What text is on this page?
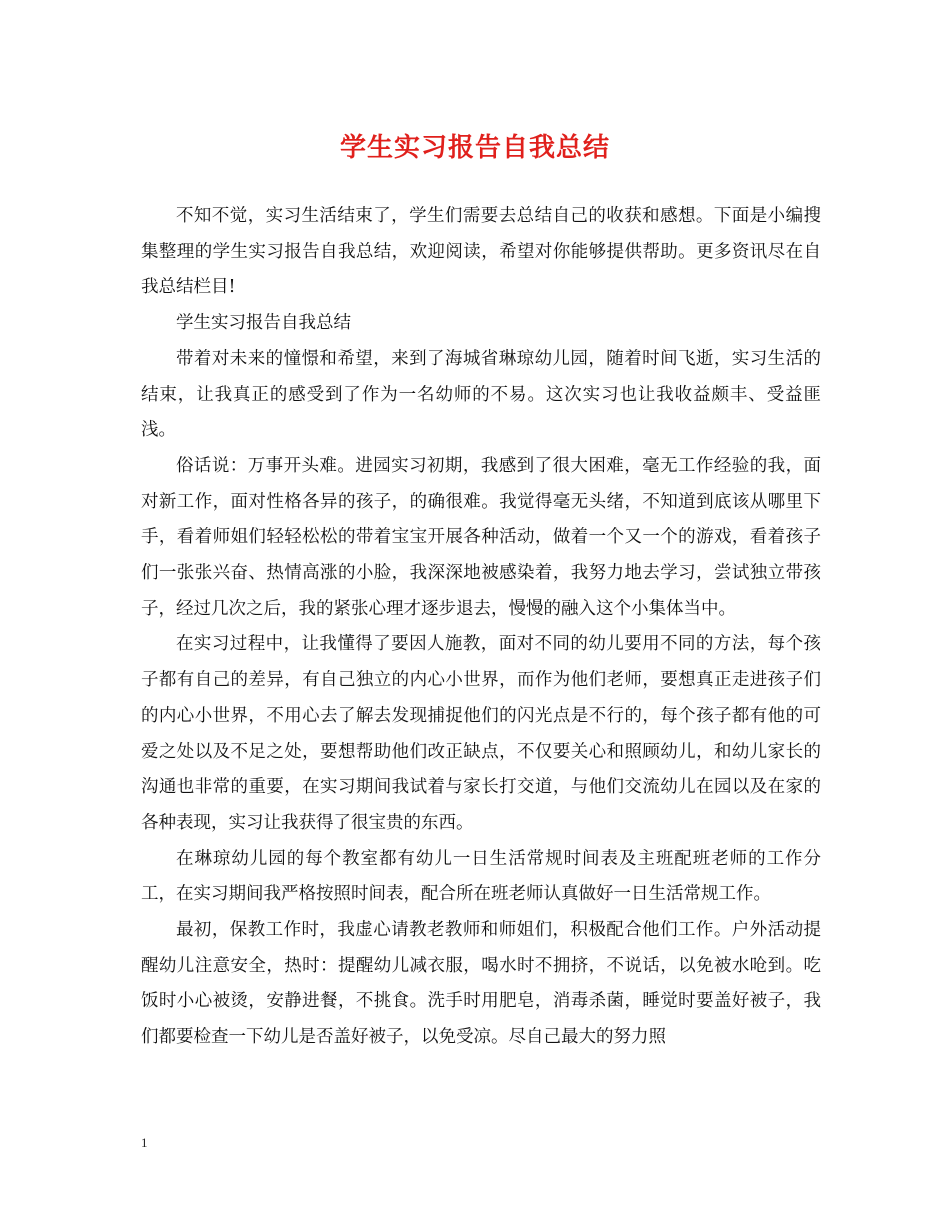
学生实习报告自我总结

不知不觉，实习生活结束了，学生们需要去总结自己的收获和感想。下面是小编搜集整理的学生实习报告自我总结，欢迎阅读，希望对你能够提供帮助。更多资讯尽在自我总结栏目!

学生实习报告自我总结

带着对未来的憧憬和希望，来到了海城省琳琼幼儿园，随着时间飞逝，实习生活的结束，让我真正的感受到了作为一名幼师的不易。这次实习也让我收益颇丰、受益匪浅。

俗话说：万事开头难。进园实习初期，我感到了很大困难，毫无工作经验的我，面对新工作，面对性格各异的孩子，的确很难。我觉得毫无头绪，不知道到底该从哪里下手，看着师姐们轻轻松松的带着宝宝开展各种活动，做着一个又一个的游戏，看着孩子们一张张兴奋、热情高涨的小脸，我深深地被感染着，我努力地去学习，尝试独立带孩子，经过几次之后，我的紧张心理才逐步退去，慢慢的融入这个小集体当中。

在实习过程中，让我懂得了要因人施教，面对不同的幼儿要用不同的方法，每个孩子都有自己的差异，有自己独立的内心小世界，而作为他们老师，要想真正走进孩子们的内心小世界，不用心去了解去发现捕捉他们的闪光点是不行的，每个孩子都有他的可爱之处以及不足之处，要想帮助他们改正缺点，不仅要关心和照顾幼儿，和幼儿家长的沟通也非常的重要，在实习期间我试着与家长打交道，与他们交流幼儿在园以及在家的各种表现，实习让我获得了很宝贵的东西。

在琳琼幼儿园的每个教室都有幼儿一日生活常规时间表及主班配班老师的工作分工，在实习期间我严格按照时间表，配合所在班老师认真做好一日生活常规工作。

最初，保教工作时，我虚心请教老教师和师姐们，积极配合他们工作。户外活动提醒幼儿注意安全，热时：提醒幼儿减衣服，喝水时不拥挤，不说话，以免被水呛到。吃饭时小心被烫，安静进餐，不挑食。洗手时用肥皂，消毒杀菌，睡觉时要盖好被子，我们都要检查一下幼儿是否盖好被子，以免受凉。尽自己最大的努力照

1
